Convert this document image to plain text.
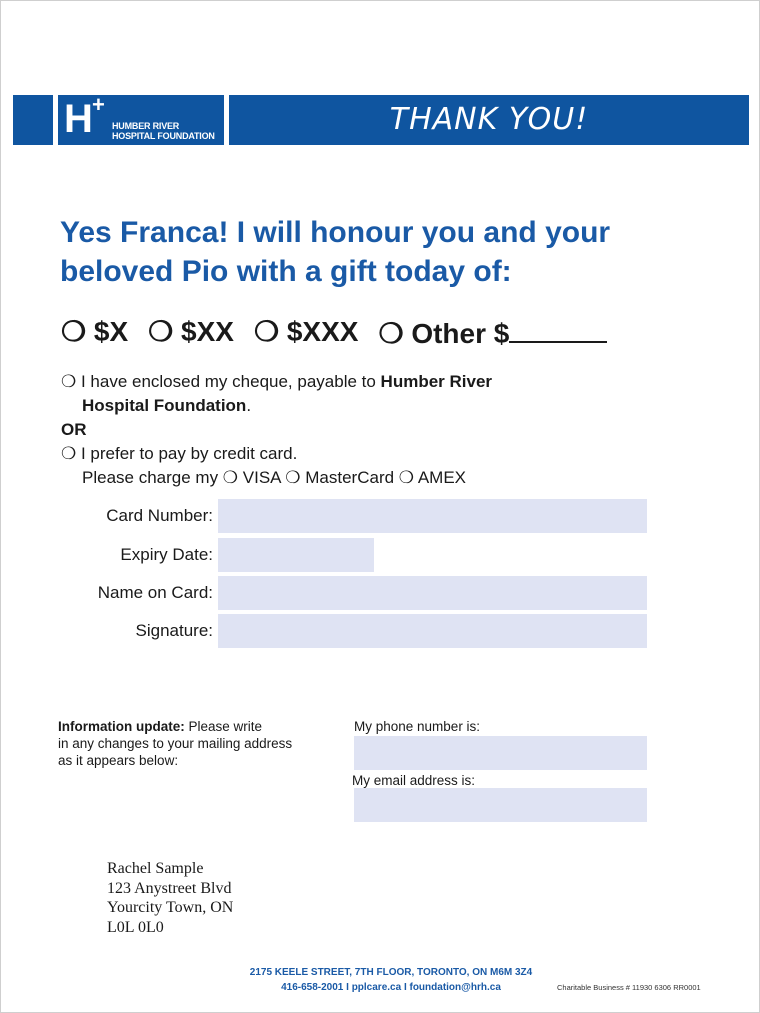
H +
HUMBER RIVER
HOSPITAL FOUNDATION	THANK YOU!
Yes Franca! I will honour you and your
beloved Pio with a gift today of:
❍ $X ❍ $XX ❍ $XXX ❍ Other $
❍ I have enclosed my cheque, payable to Humber River
Hospital Foundation.
OR
❍ I prefer to pay by credit card.
Please charge my ❍ VISA ❍ MasterCard ❍ AMEX
Card Number:
Expiry Date:
Name on Card:
Signature:
Information update: Please write
in any changes to your mailing address
as it appears below:
My phone number is:
My email address is:
Rachel Sample
123 Anystreet Blvd
Yourcity Town, ON
L0L 0L0
2175 KEELE STREET, 7TH FLOOR, TORONTO, ON M6M 3Z4
416-658-2001 I pplcare.ca I foundation@hrh.ca	Charitable Business # 11930 6306 RR0001
